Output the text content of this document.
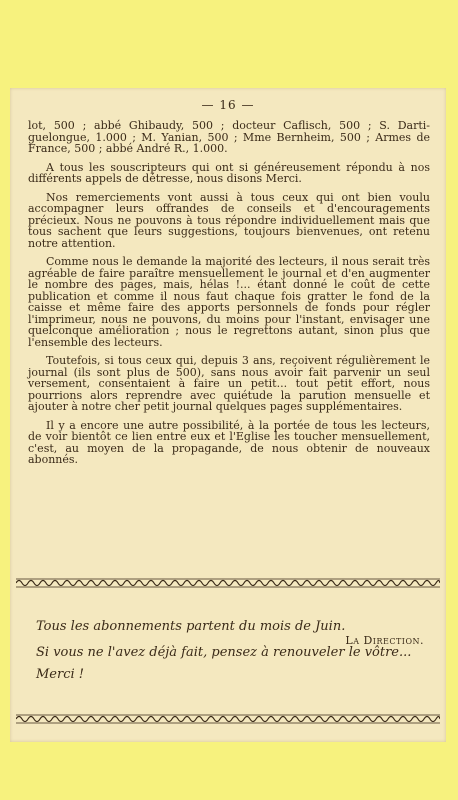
— 16 —

lot, 500 ; abbé Ghibaudy, 500 ; docteur Caflisch, 500 ; S. Darti-guelongue, 1.000 ; M. Yanian, 500 ; Mme Bernheim, 500 ; Armes de France, 500 ; abbé André R., 1.000.

A tous les souscripteurs qui ont si généreusement répondu à nos différents appels de détresse, nous disons Merci.

Nos remerciements vont aussi à tous ceux qui ont bien voulu accompagner leurs offrandes de conseils et d'encouragements précieux. Nous ne pouvons à tous répondre individuellement mais que tous sachent que leurs suggestions, toujours bienvenues, ont retenu notre attention.

Comme nous le demande la majorité des lecteurs, il nous serait très agréable de faire paraître mensuellement le journal et d'en augmenter le nombre des pages, mais, hélas !... étant donné le coût de cette publication et comme il nous faut chaque fois gratter le fond de la caisse et même faire des apports personnels de fonds pour régler l'imprimeur, nous ne pouvons, du moins pour l'instant, envisager une quelconque amélioration ; nous le regrettons autant, sinon plus que l'ensemble des lecteurs.

Toutefois, si tous ceux qui, depuis 3 ans, reçoivent régulièrement le journal (ils sont plus de 500), sans nous avoir fait parvenir un seul versement, consentaient à faire un petit... tout petit effort, nous pourrions alors reprendre avec quiétude la parution mensuelle et ajouter à notre cher petit journal quelques pages supplémentaires.

Il y a encore une autre possibilité, à la portée de tous les lecteurs, de voir bientôt ce lien entre eux et l'Eglise les toucher mensuellement, c'est, au moyen de la propagande, de nous obtenir de nouveaux abonnés.

La Direction.

Tous les abonnements partent du mois de Juin.

Si vous ne l'avez déjà fait, pensez à renouveler le vôtre... Merci !
